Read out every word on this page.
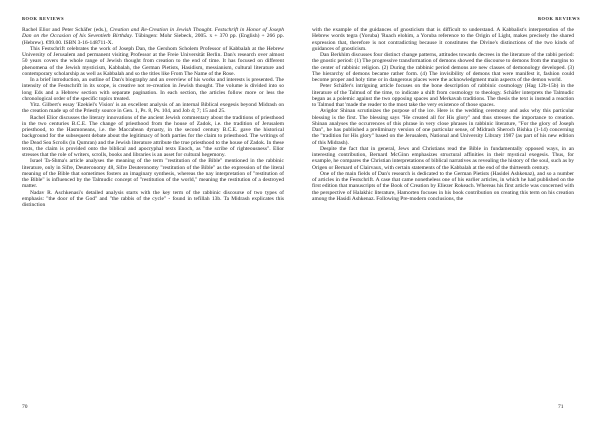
BOOK REVIEWS	BOOK REVIEWS

Rachel Elior and Peter Schäfer (eds.), Creation and Re-Creation in Jewish Thought. Festschrift in Honor of Joseph Dan on the Occasion of his Seventieth Birthday. Tübingen: Mohr Siebeck, 2005. x + 370 pp. (English) + 266 pp. (Hebrew). €99.00. ISBN 3-16-148711-X.

This Festschrift celebrates the work of Joseph Dan, the Gershom Scholem Professor of Kabbalah at the Hebrew University of Jerusalem and permanent visiting Professor at the Freie Universität Berlin. Dan's research over almost 50 years covers the whole range of Jewish thought from creation to the end of time. It has focused on different phenomena of the Jewish mysticism, Kabbalah, the German Pietists, Hasidism, messianism, cultural literature and contemporary scholarship as well as Kabbalah and so the titles like From The Name of the Rose.

In a brief introduction, an outline of Dan's biography and an overview of his works and interests is presented. The intensity of the Festschrift in its scope, is creative not re-creation in Jewish thought. The volume is divided into so long Eds and a Hebrew section with separate pagination. In each section, the articles follow more or less the chronological order of the specific topics treated.

Yitz. Gilbert's essay 'Ezekiel's Vision' is an excellent analysis of an internal Biblical exegesis beyond Midrash on the creation made up of the Priestly source in Gen. 1, Ps. 8, Ps. 104, and Job 4; 7; 15 and 25.

Rachel Elior discusses the literary innovations of the ancient Jewish commentary about the traditions of priesthood in the two centuries B.C.E. The change of priesthood from the house of Zadok, i.e. the tradition of Jerusalem priesthood, to the Hasmoneans, i.e. the Maccabean dynasty, in the second century B.C.E. gave the historical background for the subsequent debate about the legitimacy of both parties for the claim to priesthood. The writings of the Dead Sea Scrolls (in Qumran) and the Jewish literature attribute the true priesthood to the house of Zadok. In these texts, the claim is provided onto the biblical and apocryphal texts Enoch, as "the scribe of righteousness". Elior stresses that the role of writers, scrolls, books and libraries is an asset for cultural hegemony.

Israel Ta-Shma's article analyses the meaning of the term "restitution of the Bible" mentioned in the rabbinic literature, only in Sifre, Deuteronomy 48, Sifre Deuteronomy "restitution of the Bible" as the expression of the literal meaning of the Bible that sometimes fosters an imaginary synthesis, whereas the nay interpretation of "restitution of the Bible" is influenced by the Talmudic concept of "restitution of the world," meaning the restitution of a destroyed matter.

Nadav R. Aschkenasi's detailed analysis starts with the key term of the rabbinic discourse of two types of emphasis: "the door of the God" and "the rabbis of the cycle" - found in tefillah 13b. Ta Midrash explicates this distinction

with the example of the guidances of gnosticism that is difficult to understand. A Kabbalist's interpretation of the Hebrew words tegra (Yoruba) 'Ruach elohim, a Yoruba reference to the Origin of Light, makes precisely the shared expression that, therefore is not contradicting because it constitutes the Divine's distinctions of the two kinds of guidances of gnosticism.

Dan Berkhim discusses four distinct change patterns, attitudes towards decrees in the literature of the rabbi period: the gnostic period: (1) The progressive transformation of demons showed the discourse to demons from the margins to the center of rabbinic religion. (2) During the rabbinic period demons are new classes of demonology developed. (3) The hierarchy of demons became rather form. (4) The invisibility of demons that were manifest it, fashion could become proper and holy time or in dangerous places were the acknowledgment main aspects of the demon world.

Peter Schäfer's intriguing article focuses on the bone description of rabbinic cosmology (Hag 12b-15b) in the literature of the Talmud of the time, to indicate a shift from cosmology to theology. Schäfer interprets the Talmudic began as a polemic against the two opposing spaces and Merkavah traditions. The thesis the text is instead a reaction to Talmud that 'made the reader to the most take the very existence of those spaces.

Avigdor Shinan scrutinizes the purpose of the ice. Here is the wedding ceremony and asks why this particular blessing is the first. The blessing says "He created all for His glory" and thus stresses the importance to creation. Shinan analyses the occurrences of this phrase in very close phrases in rabbinic literature, "For the glory of Joseph Dan", he has published a preliminary version of one particular sense, of Midrash Sheroch Bishka (1-14) concerning the "tradition for His glory" based on the Jerusalem, National and University Library 1987 (as part of his new edition of this Midrash).

Despite the fact that in general, Jews and Christians read the Bible in fundamentally opposed ways, in an interesting contribution, Bernard McGinn emphasizes structural affinities in their mystical exegesis. Thus, for example, he compares the Christian interpretations of biblical narratives as revealing the history of the soul, such as by Origen or Bernard of Clairvaux, with certain statements of the Kabbalah at the end of the thirteenth century.

One of the main fields of Dan's research is dedicated to the German Pietists (Hasidei Ashkenaz), and so a number of articles in the Festschrift. A case that came nonetheless one of his earlier articles, in which he had published on the first edition that manuscripts of the Book of Creation by Eliezer Rokeach. Whereas his first article was concerned with the perspective of Halakhic literature, Hamorten focuses in his book contribution on creating this term on his creation among the Hasidi Ashkenaz. Following Pre-modern conclusions, the

70	71
